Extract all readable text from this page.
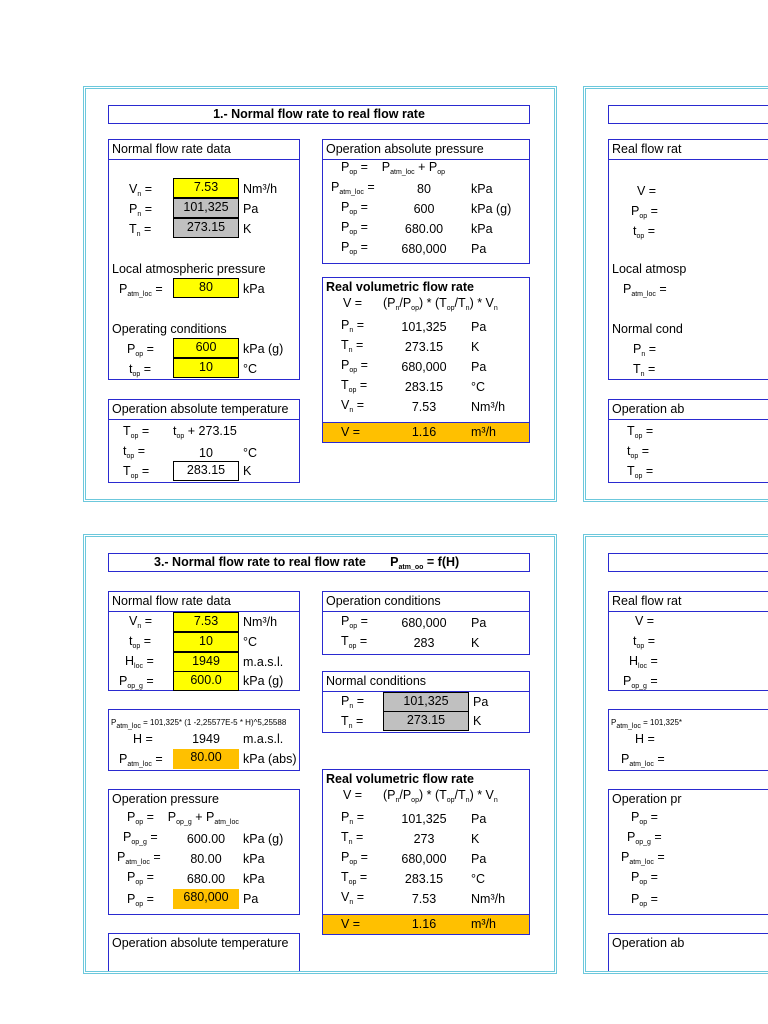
1.- Normal flow rate to real flow rate
Normal flow rate data
$V_n$ =	7.53	Nm³/h
$P_n$ =	101,325	Pa
$T_n$ =	273.15	K
Local atmospheric pressure
$P_{atm\_loc}$ =	80	kPa
Operating conditions
$P_{op}$ =	600	kPa (g)
$t_{op}$ =	10	°C
Operation absolute temperature
$T_{op} = t_{op} + 273.15$
$t_{op}$ =	10	°C
$T_{op}$ =	283.15	K
Operation absolute pressure
$P_{op}$ =    $P_{atm\_loc} + P_{op}$
$P_{atm\_loc}$ =	80	kPa
$P_{op}$ =	600	kPa (g)
$P_{op}$ =	680.00	kPa
$P_{op}$ =	680,000	Pa
Real volumetric flow rate
V =      $(P_n/P_{op}) * (T_{op}/T_n) * V_n$
$P_n$ =	101,325	Pa
$T_n$ =	273.15	K
$P_{op}$ =	680,000	Pa
$T_{op}$ =	283.15	°C
$V_n$ =	7.53	Nm³/h
V =	1.16	m³/h
Real flow rat
V =
$P_{op}$ =
$t_{op}$ =
Local atmosp
$P_{atm\_loc}$ =
Normal cond
$P_n$ =
$T_n$ =
Operation ab
$T_{op}$ =
$t_{op}$ =
$T_{op}$ =
3.- Normal flow rate to real flow rate       $P_{atm\_oo} = f(H)$
Normal flow rate data
$V_n$ =	7.53	Nm³/h
$t_{op}$ =	10	°C
$H_{loc}$ =	1949	m.a.s.l.
$P_{op\_g}$ =	600.0	kPa (g)
$P_{atm\_loc} = 101,325*$ (1 -2,25577E-5 * H)^5,25588
H =	1949	m.a.s.l.
$P_{atm\_loc}$ =	80.00	kPa (abs)
Operation pressure
$P_{op}$ =    $P_{op\_g} + P_{atm\_loc}$
$P_{op\_g}$ =	600.00	kPa (g)
$P_{atm\_loc}$ =	80.00	kPa
$P_{op}$ =	680.00	kPa
$P_{op}$ =	680,000	Pa
Operation absolute temperature
Operation conditions
$P_{op}$ =	680,000	Pa
$T_{op}$ =	283	K
Normal conditions
$P_n$ =	101,325	Pa
$T_n$ =	273.15	K
Real volumetric flow rate
V =      $(P_n/P_{op}) * (T_{op}/T_n) * V_n$
$P_n$ =	101,325	Pa
$T_n$ =	273	K
$P_{op}$ =	680,000	Pa
$T_{op}$ =	283.15	°C
$V_n$ =	7.53	Nm³/h
V =	1.16	m³/h
Real flow rat
V =
$t_{op}$ =
$H_{loc}$ =
$P_{op\_g}$ =
$P_{atm\_loc} = 101,325*$
H =
$P_{atm\_loc}$ =
Operation pr
$P_{op}$ =
$P_{op\_g}$ =
$P_{atm\_loc}$ =
$P_{op}$ =
$P_{op}$ =
Operation ab
